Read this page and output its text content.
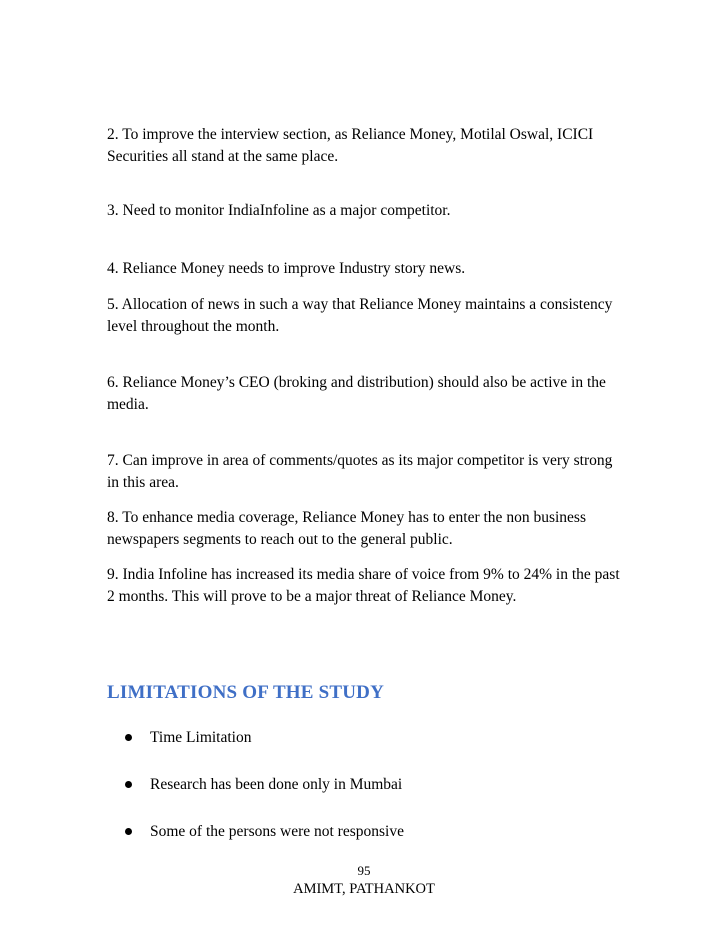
2. To improve the interview section, as Reliance Money, Motilal Oswal, ICICI Securities all stand at the same place.

3. Need to monitor IndiaInfoline as a major competitor.

4. Reliance Money needs to improve Industry story news.

5. Allocation of news in such a way that Reliance Money maintains a consistency level throughout the month.

6. Reliance Money’s CEO (broking and distribution) should also be active in the media.

7. Can improve in area of comments/quotes as its major competitor is very strong in this area.

8. To enhance media coverage, Reliance Money has to enter the non business newspapers segments to reach out to the general public.

9. India Infoline has increased its media share of voice from 9% to 24% in the past 2 months. This will prove to be a major threat of Reliance Money.

LIMITATIONS OF THE STUDY
Time Limitation
Research has been done only in Mumbai
Some of the persons were not responsive

95

AMIMT, PATHANKOT
